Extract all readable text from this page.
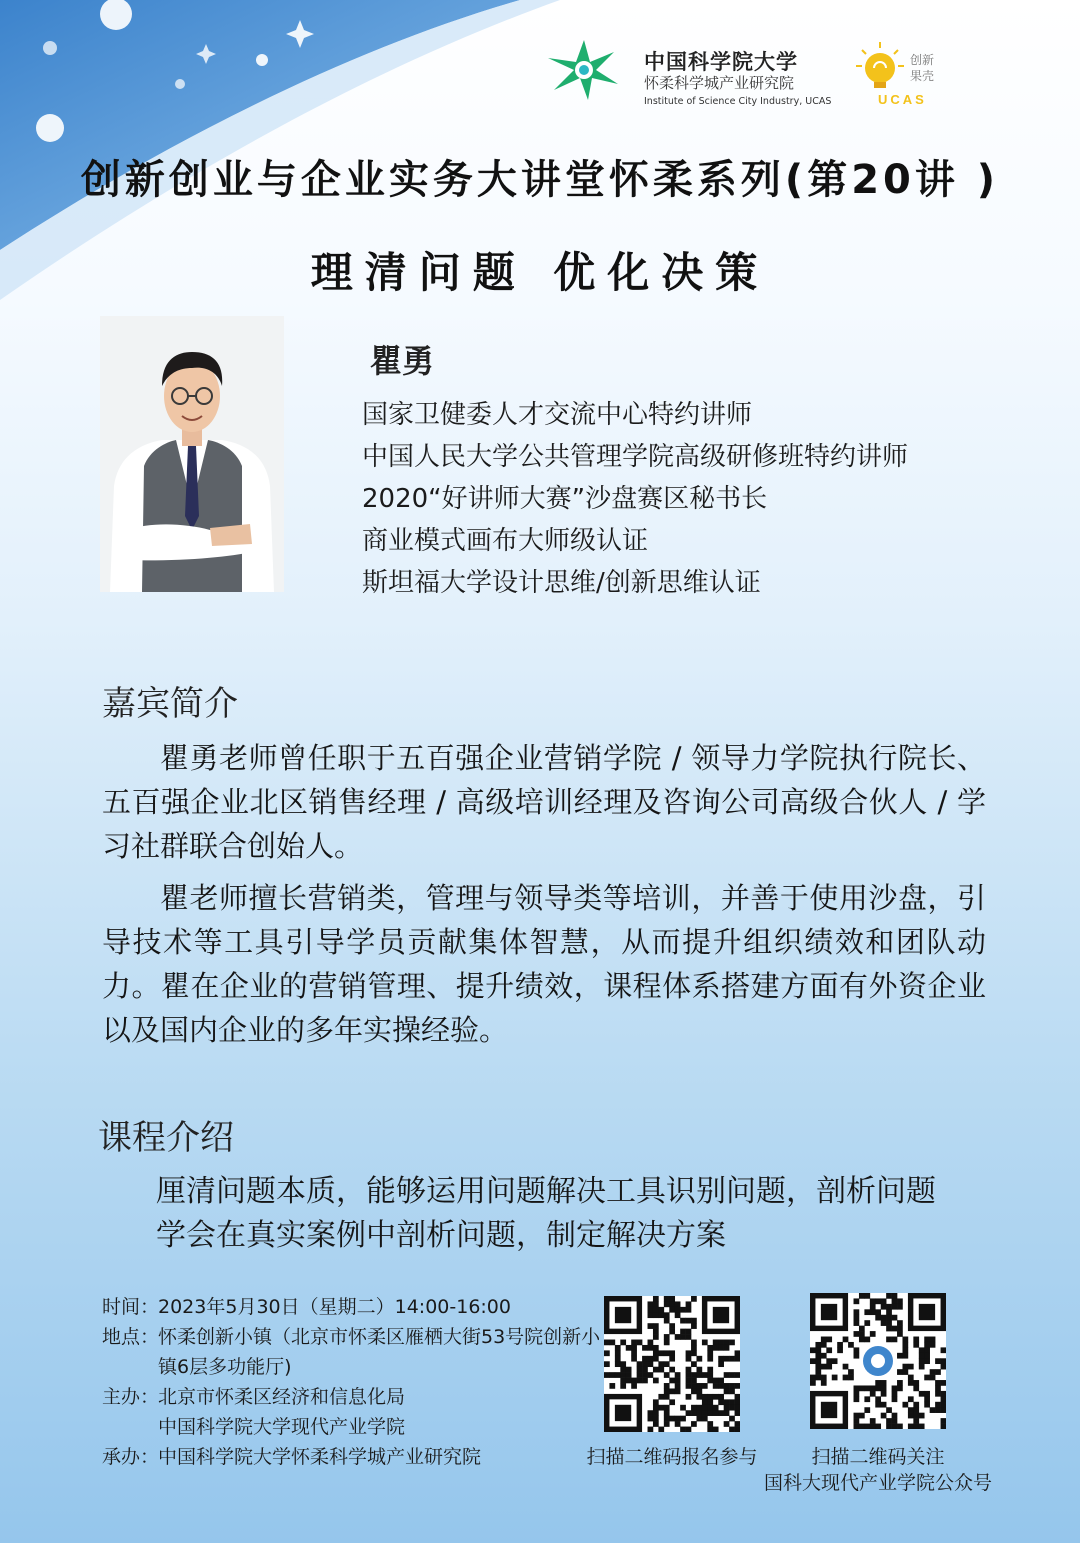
中国科学院大学
怀柔科学城产业研究院
Institute of Science City Industry, UCAS
创新
果壳
UCAS
创新创业与企业实务大讲堂怀柔系列(第20讲 )
理清问题 优化决策
瞿勇
国家卫健委人才交流中心特约讲师
中国人民大学公共管理学院高级研修班特约讲师
2020“好讲师大赛”沙盘赛区秘书长
商业模式画布大师级认证
斯坦福大学设计思维/创新思维认证
嘉宾简介

瞿勇老师曾任职于五百强企业营销学院 / 领导力学院执行院长、五百强企业北区销售经理 / 高级培训经理及咨询公司高级合伙人 / 学习社群联合创始人。

瞿老师擅长营销类，管理与领导类等培训，并善于使用沙盘，引导技术等工具引导学员贡献集体智慧，从而提升组织绩效和团队动力。瞿在企业的营销管理、提升绩效，课程体系搭建方面有外资企业以及国内企业的多年实操经验。

课程介绍
厘清问题本质，能够运用问题解决工具识别问题，剖析问题
学会在真实案例中剖析问题，制定解决方案
时间：
2023年5月30日（星期二）14:00-16:00
地点：
怀柔创新小镇（北京市怀柔区雁栖大街53号院创新小镇6层多功能厅)
主办：
北京市怀柔区经济和信息化局
中国科学院大学现代产业学院
承办：
中国科学院大学怀柔科学城产业研究院	扫描二维码报名参与	扫描二维码关注
国科大现代产业学院公众号
